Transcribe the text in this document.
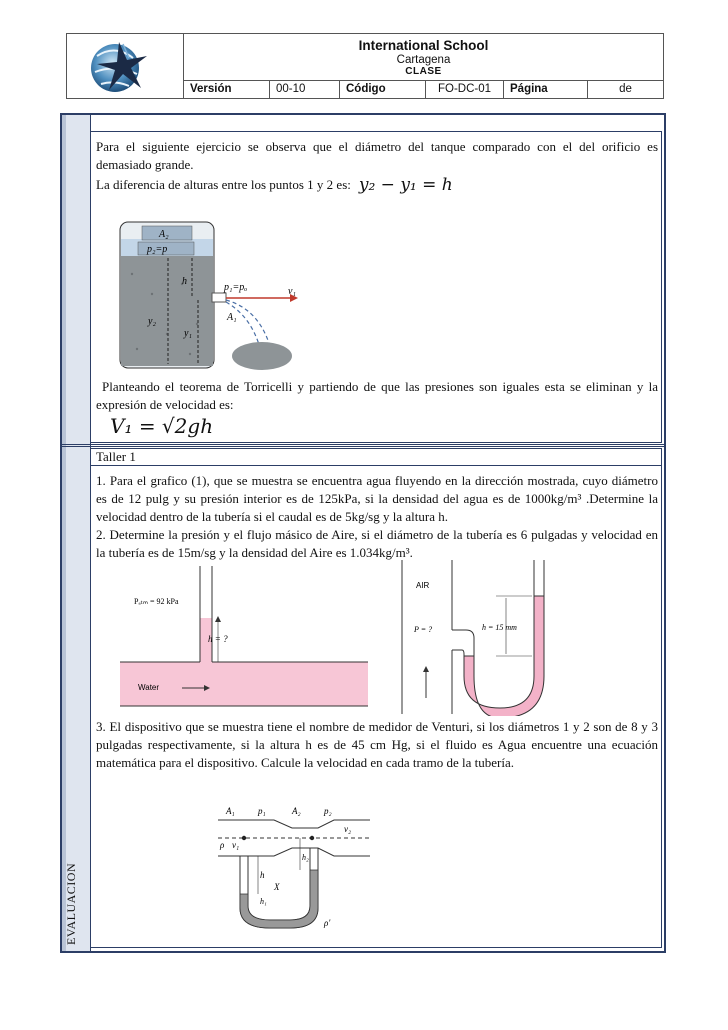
International School
Cartagena
CLASE
Versión	00-10	Código	FO-DC-01	Página	de
EVALUACION
Para el siguiente ejercicio se observa que el diámetro del tanque comparado con el del orificio es demasiado grande.
La diferencia de alturas entre los puntos 1 y 2 es: y₂ − y₁ = h
A₂
p₂=p
h
y₂
y₁
p₁=pₒ	v₁
A₁
Planteando el teorema de Torricelli y partiendo de que las presiones son iguales esta se eliminan y la expresión de velocidad es:
V₁ = √2gh
Taller 1
1. Para el grafico (1), que se muestra se encuentra agua fluyendo en la dirección mostrada, cuyo diámetro es de 12 pulg y su presión interior es de 125kPa, si la densidad del agua es de 1000kg/m³ .Determine la velocidad dentro de la tubería si el caudal es de 5kg/sg y la altura h.
2. Determine la presión y el flujo másico de Aire, si el diámetro de la tubería es 6 pulgadas y velocidad en la tubería es de 15m/sg y la densidad del Aire es 1.034kg/m³.
h = ?
Pₐₜₘ = 92 kPa
Water
AIR
P = ?	h = 15 mm
3. El dispositivo que se muestra tiene el nombre de medidor de Venturi, si los diámetros 1 y 2 son de 8 y 3 pulgadas respectivamente, si la altura h es de 45 cm Hg, si el fluido es Agua encuentre una ecuación matemática para el dispositivo. Calcule la velocidad en cada tramo de la tubería.
A₁	p₁	A₂	p₂
v₂
ρ v₁
h
h₂
h₁
X
ρ'
